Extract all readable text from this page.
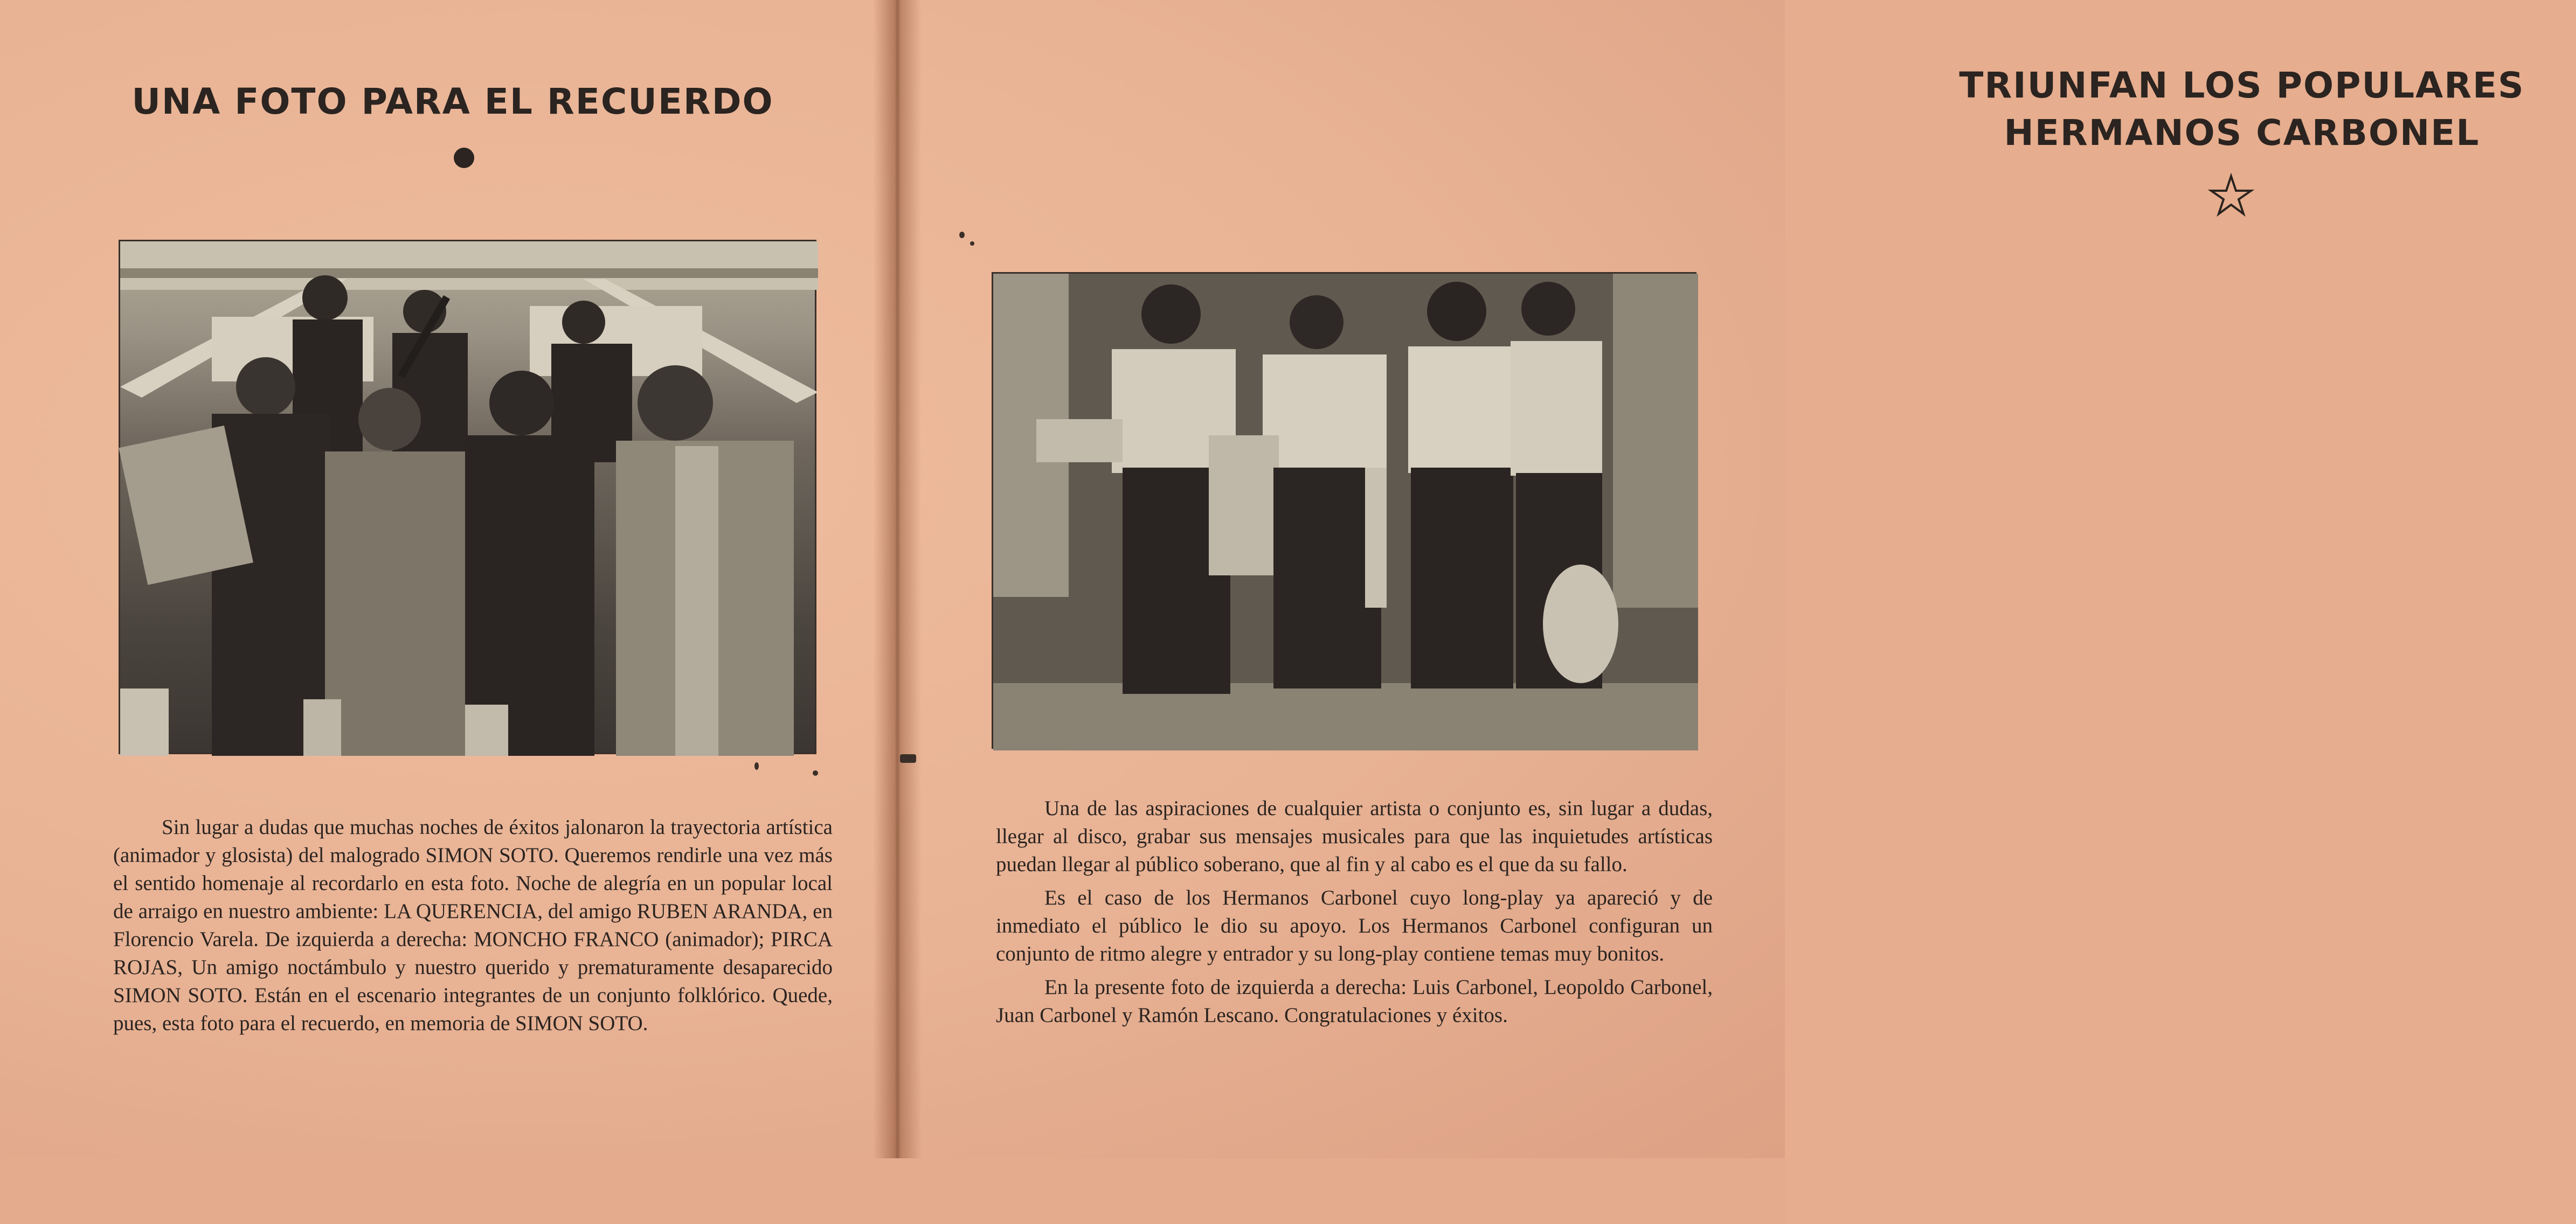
UNA FOTO PARA EL RECUERDO
Sin lugar a dudas que muchas noches de éxitos jalonaron la trayectoria artística (animador y glosista) del malogrado SIMON SOTO. Queremos rendirle una vez más el sentido homenaje al recordarlo en esta foto. Noche de alegría en un popular local de arraigo en nuestro ambiente: LA QUERENCIA, del amigo RUBEN ARANDA, en Florencio Varela. De izquierda a derecha: MONCHO FRANCO (animador); PIRCA ROJAS, Un amigo noctámbulo y nuestro querido y prematuramente desaparecido SIMON SOTO. Están en el escenario integrantes de un conjunto folklórico. Quede, pues, esta foto para el recuerdo, en memoria de SIMON SOTO.
TRIUNFAN LOS POPULARES
HERMANOS CARBONEL

Una de las aspiraciones de cualquier artista o conjunto es, sin lugar a dudas, llegar al disco, grabar sus mensajes musicales para que las inquietudes artísticas puedan llegar al público soberano, que al fin y al cabo es el que da su fallo.

Es el caso de los Hermanos Carbonel cuyo long-play ya apareció y de inmediato el público le dio su apoyo. Los Hermanos Carbonel configuran un conjunto de ritmo alegre y entrador y su long-play contiene temas muy bonitos.

En la presente foto de izquierda a derecha: Luis Carbonel, Leopoldo Carbonel, Juan Carbonel y Ramón Lescano. Congratulaciones y éxitos.
